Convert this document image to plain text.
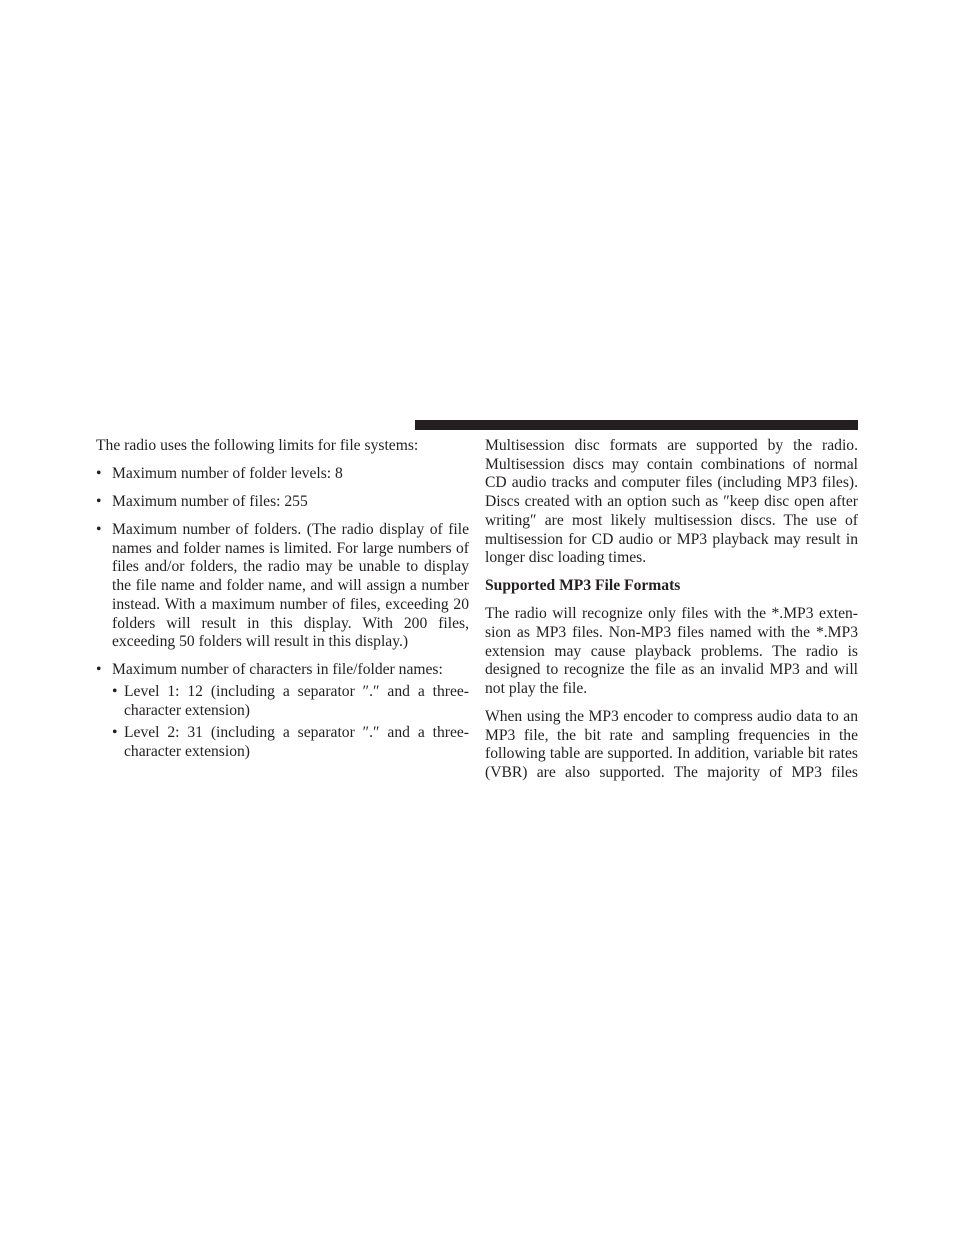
The radio uses the following limits for file systems:

• Maximum number of folder levels: 8
• Maximum number of files: 255
• Maximum number of folders. (The radio display of file names and folder names is limited. For large numbers of files and/or folders, the radio may be unable to display the file name and folder name, and will assign a number instead. With a maximum number of files, exceeding 20 folders will result in this display. With 200 files, exceeding 50 folders will result in this display.)
• Maximum number of characters in file/folder names:
• Level 1: 12 (including a separator ″.″ and a three-character extension)
• Level 2: 31 (including a separator ″.″ and a three-character extension)

Multisession disc formats are supported by the radio. Multisession discs may contain combinations of normal CD audio tracks and computer files (including MP3 files). Discs created with an option such as ″keep disc open after writing″ are most likely multisession discs. The use of multisession for CD audio or MP3 playback may result in longer disc loading times.

Supported MP3 File Formats

The radio will recognize only files with the *.MP3 extension as MP3 files. Non-MP3 files named with the *.MP3 extension may cause playback problems. The radio is designed to recognize the file as an invalid MP3 and will not play the file.

When using the MP3 encoder to compress audio data to an MP3 file, the bit rate and sampling frequencies in the following table are supported. In addition, variable bit rates (VBR) are also supported. The majority of MP3 files
